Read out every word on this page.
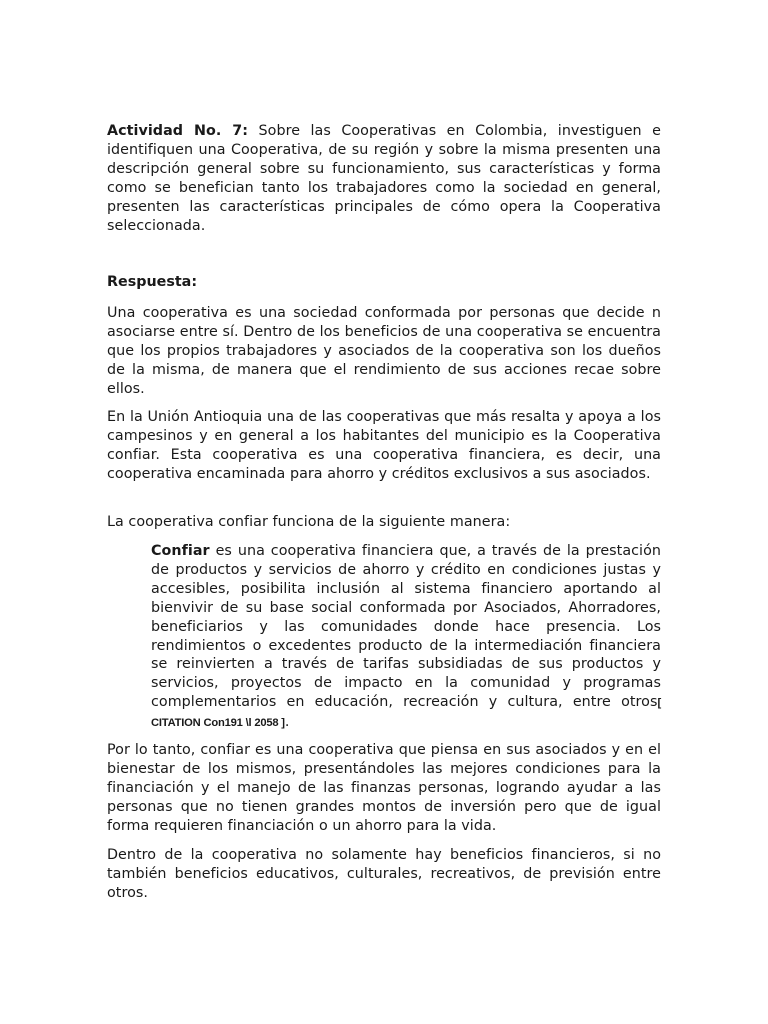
Actividad No. 7: Sobre las Cooperativas en Colombia, investiguen e identifiquen una Cooperativa, de su región y sobre la misma presenten una descripción general sobre su funcionamiento, sus características y forma como se benefician tanto los trabajadores como la sociedad en general, presenten las características principales de cómo opera la Cooperativa seleccionada.

Respuesta:

Una cooperativa es una sociedad conformada por personas que decide n asociarse entre sí. Dentro de los beneficios de una cooperativa se encuentra que los propios trabajadores y asociados de la cooperativa son los dueños de la misma, de manera que el rendimiento de sus acciones recae sobre ellos.

En la Unión Antioquia una de las cooperativas que más resalta y apoya a los campesinos y en general a los habitantes del municipio es la Cooperativa confiar. Esta cooperativa es una cooperativa financiera, es decir, una cooperativa encaminada para ahorro y créditos exclusivos a sus asociados.

La cooperativa confiar funciona de la siguiente manera:

Confiar es una cooperativa financiera que, a través de la prestación de productos y servicios de ahorro y crédito en condiciones justas y accesibles, posibilita inclusión al sistema financiero aportando al bienvivir de su base social conformada por Asociados, Ahorradores, beneficiarios y las comunidades donde hace presencia. Los rendimientos o excedentes producto de la intermediación financiera se reinvierten a través de tarifas subsidiadas de sus productos y servicios, proyectos de impacto en la comunidad y programas complementarios en educación, recreación y cultura, entre otros[ CITATION Con191 \l 2058 ].

Por lo tanto, confiar es una cooperativa que piensa en sus asociados y en el bienestar de los mismos, presentándoles las mejores condiciones para la financiación y el manejo de las finanzas personas, logrando ayudar a las personas que no tienen grandes montos de inversión pero que de igual forma requieren financiación o un ahorro para la vida.

Dentro de la cooperativa no solamente hay beneficios financieros, si no también beneficios educativos, culturales, recreativos, de previsión entre otros.
